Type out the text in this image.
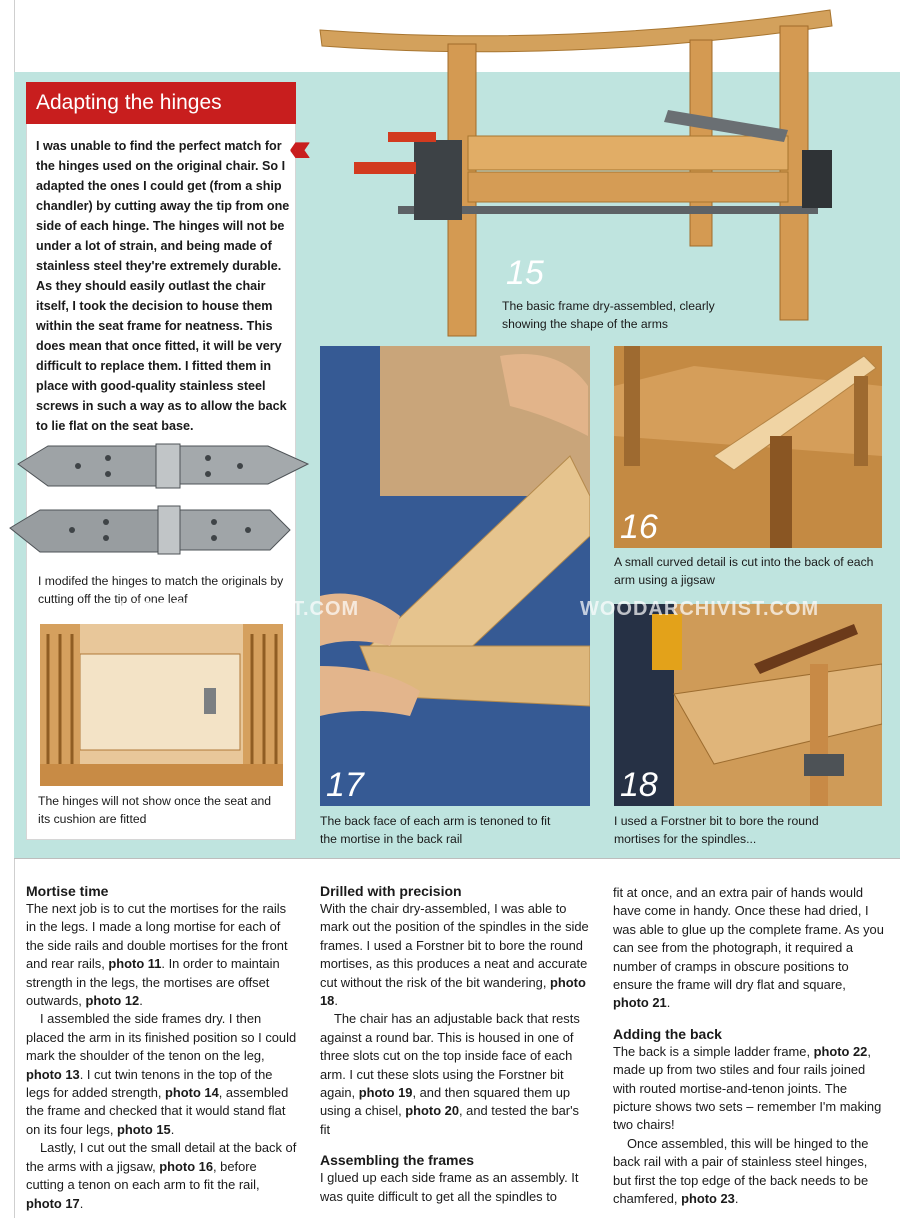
Adapting the hinges
I was unable to find the perfect match for the hinges used on the original chair. So I adapted the ones I could get (from a ship chandler) by cutting away the tip from one side of each hinge. The hinges will not be under a lot of strain, and being made of stainless steel they're extremely durable. As they should easily outlast the chair itself, I took the decision to house them within the seat frame for neatness. This does mean that once fitted, it will be very difficult to replace them. I fitted them in place with good-quality stainless steel screws in such a way as to allow the back to lie flat on the seat base.
I modifed the hinges to match the originals by cutting off the tip of one leaf
The hinges will not show once the seat and its cushion are fitted
15
The basic frame dry-assembled, clearly showing the shape of the arms
17
The back face of each arm is tenoned to fit the mortise in the back rail
16
A small curved detail is cut into the back of each arm using a jigsaw
18
I used a Forstner bit to bore the round mortises for the spindles...
WOODARCHIVIST.COM	WOODARCHIVIST.COM
Mortise time

The next job is to cut the mortises for the rails in the legs. I made a long mortise for each of the side rails and double mortises for the front and rear rails, photo 11. In order to maintain strength in the legs, the mortises are offset outwards, photo 12.

I assembled the side frames dry. I then placed the arm in its finished position so I could mark the shoulder of the tenon on the leg, photo 13. I cut twin tenons in the top of the legs for added strength, photo 14, assembled the frame and checked that it would stand flat on its four legs, photo 15.

Lastly, I cut out the small detail at the back of the arms with a jigsaw, photo 16, before cutting a tenon on each arm to fit the rail, photo 17.

Drilled with precision

With the chair dry-assembled, I was able to mark out the position of the spindles in the side frames. I used a Forstner bit to bore the round mortises, as this produces a neat and accurate cut without the risk of the bit wandering, photo 18.

The chair has an adjustable back that rests against a round bar. This is housed in one of three slots cut on the top inside face of each arm. I cut these slots using the Forstner bit again, photo 19, and then squared them up using a chisel, photo 20, and tested the bar's fit

Assembling the frames

I glued up each side frame as an assembly. It was quite difficult to get all the spindles to

fit at once, and an extra pair of hands would have come in handy. Once these had dried, I was able to glue up the complete frame. As you can see from the photograph, it required a number of cramps in obscure positions to ensure the frame will dry flat and square, photo 21.

Adding the back

The back is a simple ladder frame, photo 22, made up from two stiles and four rails joined with routed mortise-and-tenon joints. The picture shows two sets – remember I'm making two chairs!

Once assembled, this will be hinged to the back rail with a pair of stainless steel hinges, but first the top edge of the back needs to be chamfered, photo 23.
